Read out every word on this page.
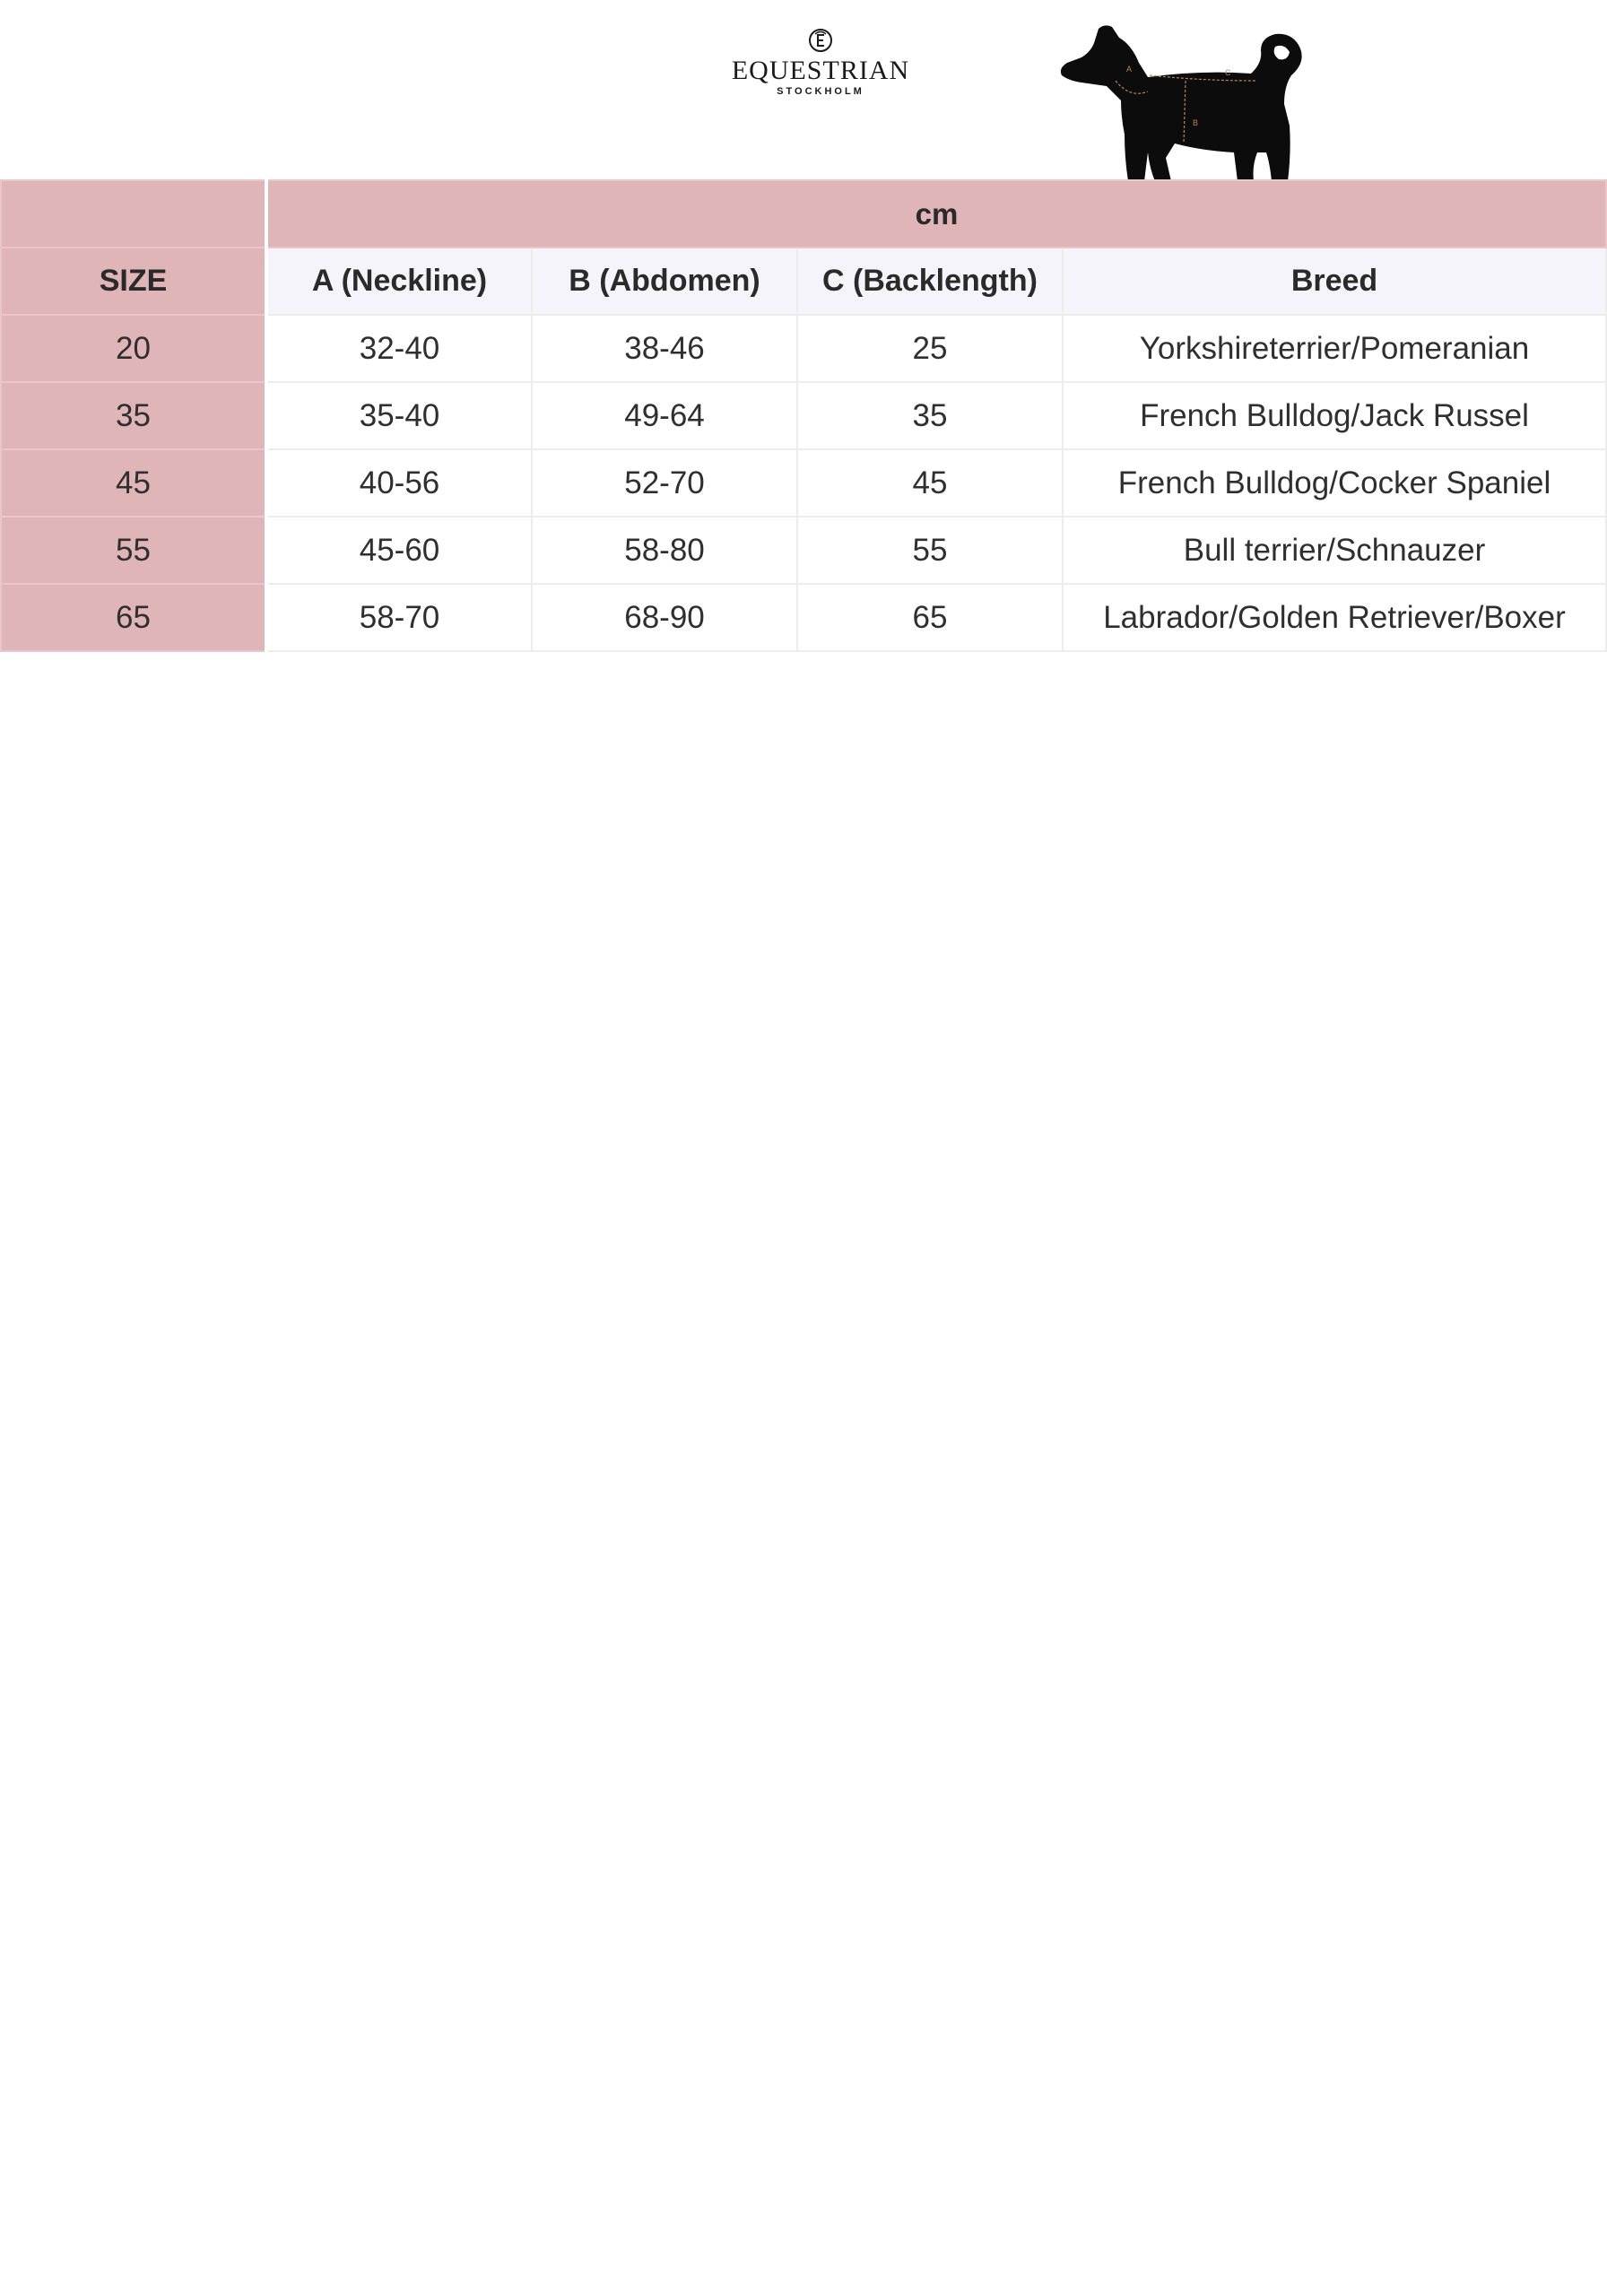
EQUESTRIAN
STOCKHOLM
A
B
C
	cm			
SIZE	A (Neckline)	B (Abdomen)	C (Backlength)	Breed
20	32-40	38-46	25	Yorkshireterrier/Pomeranian
35	35-40	49-64	35	French Bulldog/Jack Russel
45	40-56	52-70	45	French Bulldog/Cocker Spaniel
55	45-60	58-80	55	Bull terrier/Schnauzer
65	58-70	68-90	65	Labrador/Golden Retriever/Boxer
